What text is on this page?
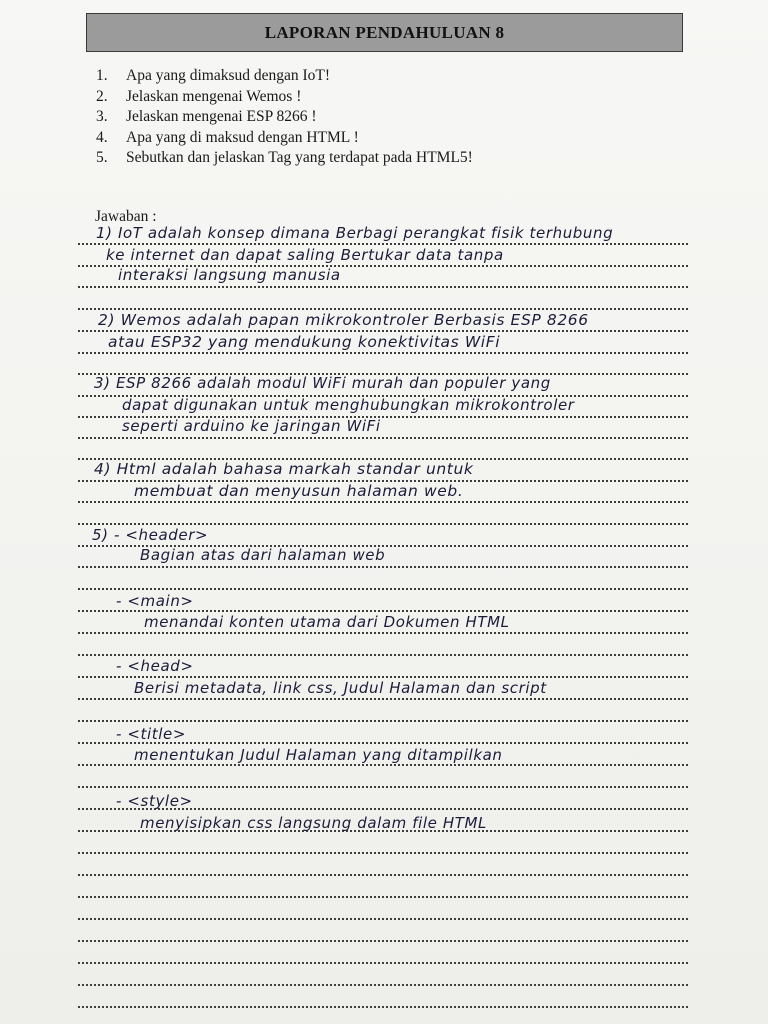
LAPORAN PENDAHULUAN 8
1.	Apa yang dimaksud dengan IoT!
2.	Jelaskan mengenai Wemos !
3.	Jelaskan mengenai ESP 8266 !
4.	Apa yang di maksud dengan HTML !
5.	Sebutkan dan jelaskan Tag yang terdapat pada HTML5!
Jawaban :
1) IoT adalah konsep dimana Berbagi perangkat fisik terhubung
ke internet dan dapat saling Bertukar data tanpa
interaksi langsung manusia
2) Wemos adalah papan mikrokontroler Berbasis ESP 8266
atau ESP32 yang mendukung konektivitas WiFi
3) ESP 8266 adalah modul WiFi murah dan populer yang
dapat digunakan untuk menghubungkan mikrokontroler
seperti arduino ke jaringan WiFi
4) Html adalah bahasa markah standar untuk
membuat dan menyusun halaman web.
5) - <header>
Bagian atas dari halaman web
- <main>
menandai konten utama dari Dokumen HTML
- <head>
Berisi metadata, link css, Judul Halaman dan script
- <title>
menentukan Judul Halaman yang ditampilkan
- <style>
menyisipkan css langsung dalam file HTML
